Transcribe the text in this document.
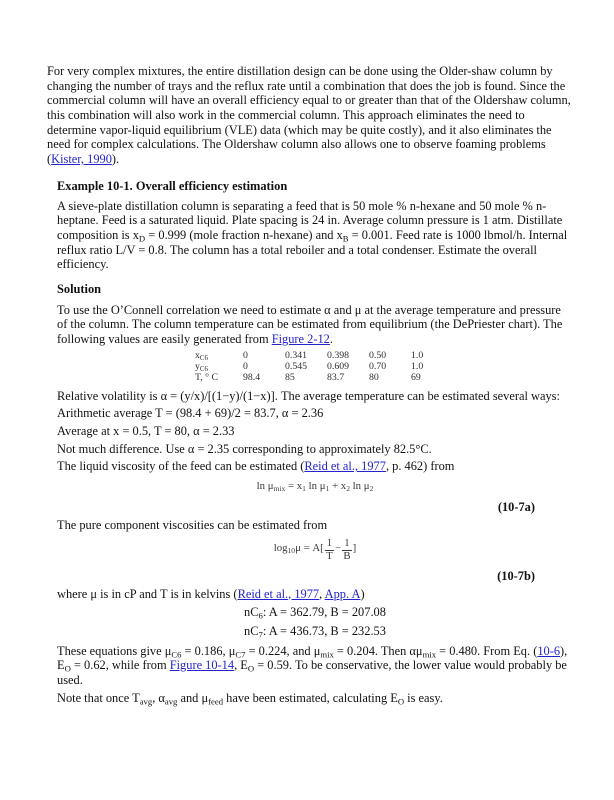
For very complex mixtures, the entire distillation design can be done using the Older-shaw column by changing the number of trays and the reflux rate until a combination that does the job is found. Since the commercial column will have an overall efficiency equal to or greater than that of the Oldershaw column, this combination will also work in the commercial column. This approach eliminates the need to determine vapor-liquid equilibrium (VLE) data (which may be quite costly), and it also eliminates the need for complex calculations. The Oldershaw column also allows one to observe foaming problems (Kister, 1990).

Example 10-1. Overall efficiency estimation

A sieve-plate distillation column is separating a feed that is 50 mole % n-hexane and 50 mole % n-heptane. Feed is a saturated liquid. Plate spacing is 24 in. Average column pressure is 1 atm. Distillate composition is $x_D = 0.999$ (mole fraction n-hexane) and $x_B = 0.001$. Feed rate is 1000 lbmol/h. Internal reflux ratio L/V = 0.8. The column has a total reboiler and a total condenser. Estimate the overall efficiency.

Solution

To use the O’Connell correlation we need to estimate α and μ at the average temperature and pressure of the column. The column temperature can be estimated from equilibrium (the DePriester chart). The following values are easily generated from Figure 2-12.

$x_{C6}$	0	0.341	0.398	0.50	1.0
$y_{C6}$	0	0.545	0.609	0.70	1.0
T, ° C	98.4	85	83.7	80	69

Relative volatility is α = (y/x)/[(1−y)/(1−x)]. The average temperature can be estimated several ways:

Arithmetic average T = (98.4 + 69)/2 = 83.7, α = 2.36

Average at x = 0.5, T = 80, α = 2.33

Not much difference. Use α = 2.35 corresponding to approximately 82.5°C.

The liquid viscosity of the feed can be estimated (Reid et al., 1977, p. 462) from

$\ln \mu_{mix} = x_1$ $\ln \mu_1 + x_2$ $\ln \mu_2$
(10-7a)

The pure component viscosities can be estimated from

$\log_{10}\mu = A[ \frac{1}{T} - \frac{1}{B}$ ]
(10-7b)

where μ is in cP and T is in kelvins (Reid et al., 1977, App. A)

$nC_6$: A = 362.79, B = 207.08

$nC_7$: A = 436.73, B = 232.53

These equations give $\mu_{C6} = 0.186$, $\mu_{C7} = 0.224$, and $\mu_{mix} = 0.204$. Then $\alpha\mu_{mix} = 0.480$. From Eq. (10-6), $E_O = 0.62$, while from Figure 10-14, $E_O = 0.59$. To be conservative, the lower value would probably be used.

Note that once $T_{avg}$, $\alpha_{avg}$ and $\mu_{feed}$ have been estimated, calculating $E_O$ is easy.
